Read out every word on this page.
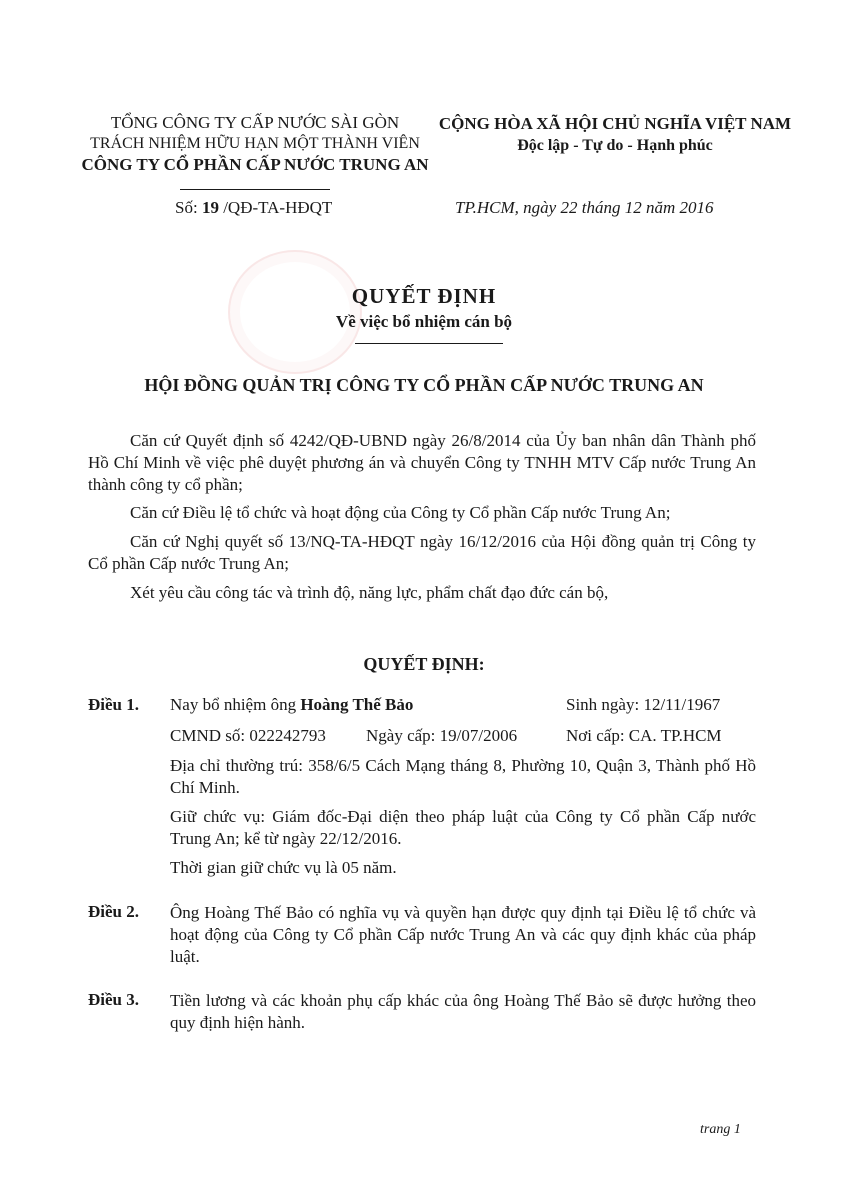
TỔNG CÔNG TY CẤP NƯỚC SÀI GÒN
TRÁCH NHIỆM HỮU HẠN MỘT THÀNH VIÊN
CÔNG TY CỔ PHẦN CẤP NƯỚC TRUNG AN
CỘNG HÒA XÃ HỘI CHỦ NGHĨA VIỆT NAM
Độc lập - Tự do - Hạnh phúc
Số: 19 /QĐ-TA-HĐQT	TP.HCM, ngày 22 tháng 12 năm 2016
QUYẾT ĐỊNH
Về việc bổ nhiệm cán bộ
HỘI ĐỒNG QUẢN TRỊ CÔNG TY CỔ PHẦN CẤP NƯỚC TRUNG AN
Căn cứ Quyết định số 4242/QĐ-UBND ngày 26/8/2014 của Ủy ban nhân dân Thành phố Hồ Chí Minh về việc phê duyệt phương án và chuyển Công ty TNHH MTV Cấp nước Trung An thành công ty cổ phần;
Căn cứ Điều lệ tổ chức và hoạt động của Công ty Cổ phần Cấp nước Trung An;
Căn cứ Nghị quyết số 13/NQ-TA-HĐQT ngày 16/12/2016 của Hội đồng quản trị Công ty Cổ phần Cấp nước Trung An;
Xét yêu cầu công tác và trình độ, năng lực, phẩm chất đạo đức cán bộ,
QUYẾT ĐỊNH:
Điều 1. Nay bổ nhiệm ông Hoàng Thế Bảo	Sinh ngày: 12/11/1967
CMND số: 022242793 Ngày cấp: 19/07/2006	Nơi cấp: CA. TP.HCM
Địa chỉ thường trú: 358/6/5 Cách Mạng tháng 8, Phường 10, Quận 3, Thành phố Hồ Chí Minh.
Giữ chức vụ: Giám đốc-Đại diện theo pháp luật của Công ty Cổ phần Cấp nước Trung An; kể từ ngày 22/12/2016.
Thời gian giữ chức vụ là 05 năm.
Điều 2. Ông Hoàng Thế Bảo có nghĩa vụ và quyền hạn được quy định tại Điều lệ tổ chức và hoạt động của Công ty Cổ phần Cấp nước Trung An và các quy định khác của pháp luật.
Điều 3. Tiền lương và các khoản phụ cấp khác của ông Hoàng Thế Bảo sẽ được hưởng theo quy định hiện hành.
trang 1
